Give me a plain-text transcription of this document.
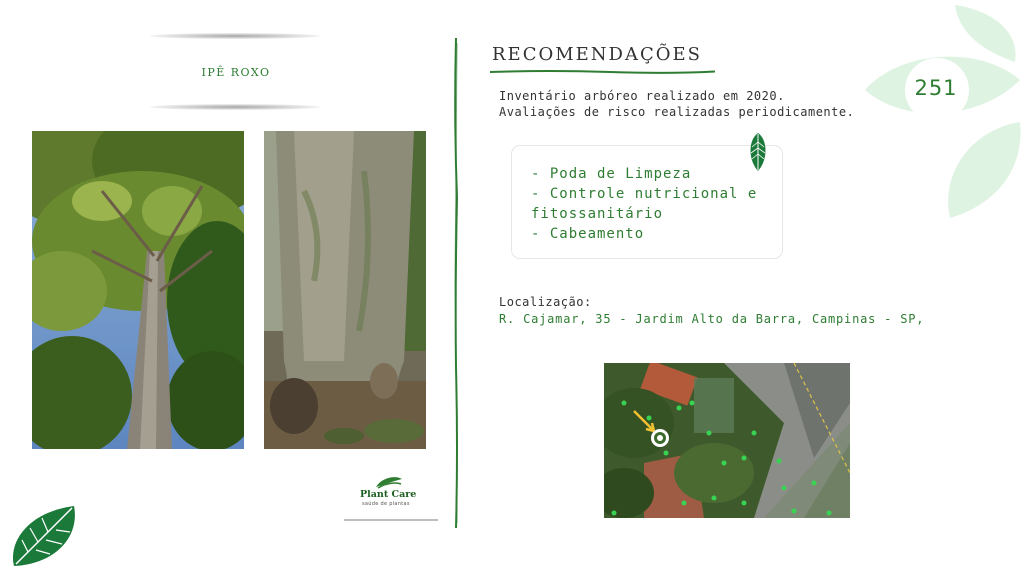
251
IPÊ ROXO
Plant Care
saúde de plantas
RECOMENDAÇÕES
Inventário arbóreo realizado em 2020. Avaliações de risco realizadas periodicamente.
- Poda de Limpeza
- Controle nutricional e fitossanitário
- Cabeamento
Localização:
R. Cajamar, 35 - Jardim Alto da Barra, Campinas - SP,
